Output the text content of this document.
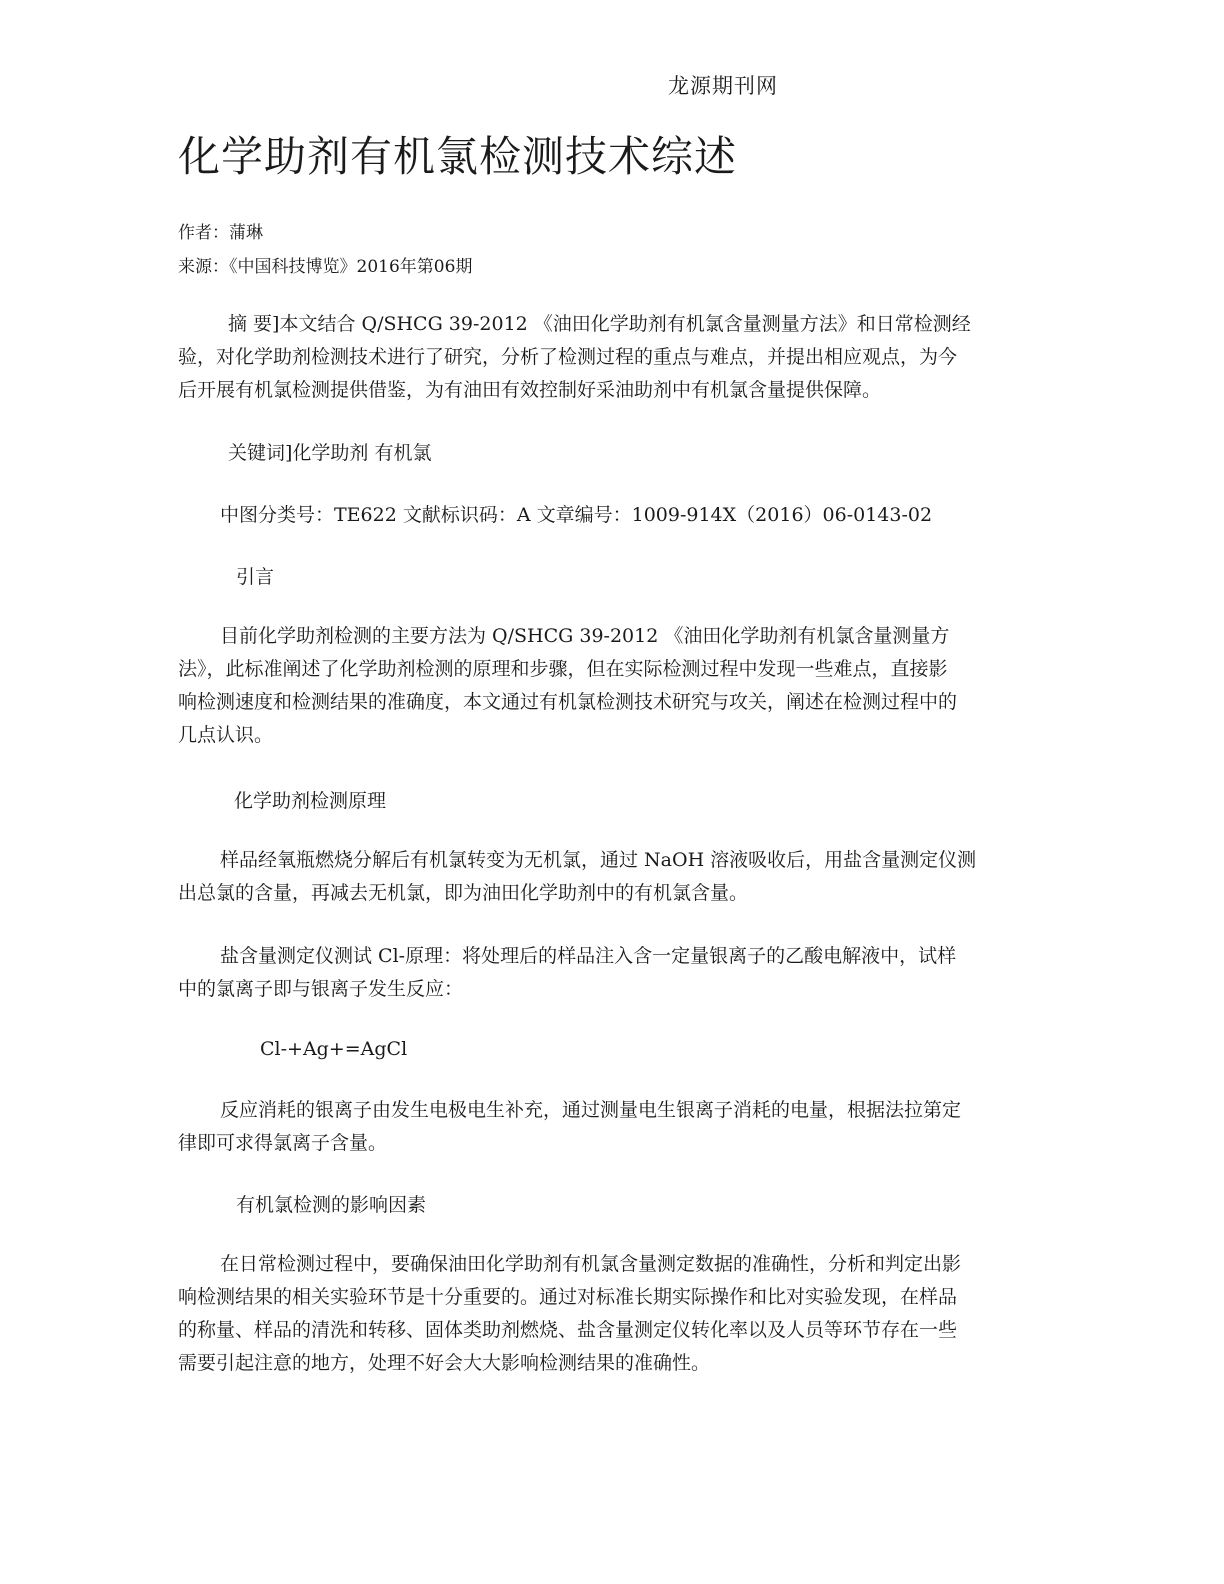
龙源期刊网
化学助剂有机氯检测技术综述
作者：蒲琳
来源：《中国科技博览》2016年第06期
摘 要]本文结合 Q/SHCG 39-2012 《油田化学助剂有机氯含量测量方法》和日常检测经
验，对化学助剂检测技术进行了研究，分析了检测过程的重点与难点，并提出相应观点，为今
后开展有机氯检测提供借鉴，为有油田有效控制好采油助剂中有机氯含量提供保障。
关键词]化学助剂 有机氯
中图分类号：TE622 文献标识码：A 文章编号：1009-914X（2016）06-0143-02
引言
目前化学助剂检测的主要方法为 Q/SHCG 39-2012 《油田化学助剂有机氯含量测量方
法》，此标准阐述了化学助剂检测的原理和步骤，但在实际检测过程中发现一些难点，直接影
响检测速度和检测结果的准确度，本文通过有机氯检测技术研究与攻关，阐述在检测过程中的
几点认识。
化学助剂检测原理
样品经氧瓶燃烧分解后有机氯转变为无机氯，通过 NaOH 溶液吸收后，用盐含量测定仪测
出总氯的含量，再减去无机氯，即为油田化学助剂中的有机氯含量。
盐含量测定仪测试 Cl-原理：将处理后的样品注入含一定量银离子的乙酸电解液中，试样
中的氯离子即与银离子发生反应：
Cl-+Ag+=AgCl
反应消耗的银离子由发生电极电生补充，通过测量电生银离子消耗的电量，根据法拉第定
律即可求得氯离子含量。
有机氯检测的影响因素
在日常检测过程中，要确保油田化学助剂有机氯含量测定数据的准确性，分析和判定出影
响检测结果的相关实验环节是十分重要的。通过对标准长期实际操作和比对实验发现，在样品
的称量、样品的清洗和转移、固体类助剂燃烧、盐含量测定仪转化率以及人员等环节存在一些
需要引起注意的地方，处理不好会大大影响检测结果的准确性。
